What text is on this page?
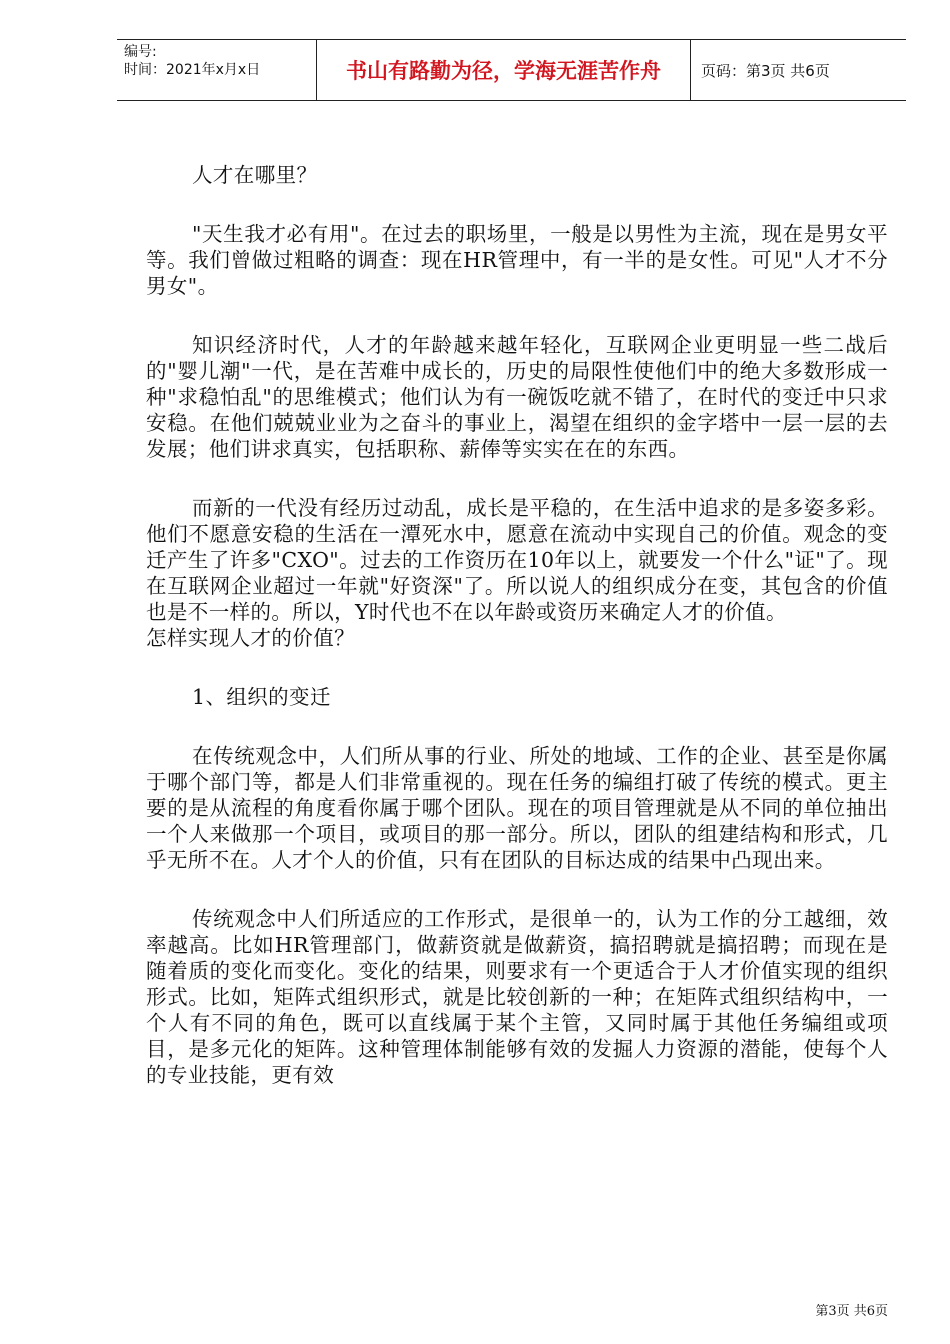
编号:
时间：2021年x月x日	书山有路勤为径，学海无涯苦作舟	页码：第3页 共6页

人才在哪里？

"天生我才必有用"。在过去的职场里，一般是以男性为主流，现在是男女平等。我们曾做过粗略的调查：现在HR管理中，有一半的是女性。可见"人才不分男女"。

知识经济时代，人才的年龄越来越年轻化，互联网企业更明显一些二战后的"婴儿潮"一代，是在苦难中成长的，历史的局限性使他们中的绝大多数形成一种"求稳怕乱"的思维模式；他们认为有一碗饭吃就不错了，在时代的变迁中只求安稳。在他们兢兢业业为之奋斗的事业上，渴望在组织的金字塔中一层一层的去发展；他们讲求真实，包括职称、薪俸等实实在在的东西。

而新的一代没有经历过动乱，成长是平稳的，在生活中追求的是多姿多彩。他们不愿意安稳的生活在一潭死水中，愿意在流动中实现自己的价值。观念的变迁产生了许多"CXO"。过去的工作资历在10年以上，就要发一个什么"证"了。现在互联网企业超过一年就"好资深"了。所以说人的组织成分在变，其包含的价值也是不一样的。所以，Y时代也不在以年龄或资历来确定人才的价值。

怎样实现人才的价值？

1、组织的变迁

在传统观念中，人们所从事的行业、所处的地域、工作的企业、甚至是你属于哪个部门等，都是人们非常重视的。现在任务的编组打破了传统的模式。更主要的是从流程的角度看你属于哪个团队。现在的项目管理就是从不同的单位抽出一个人来做那一个项目，或项目的那一部分。所以，团队的组建结构和形式，几乎无所不在。人才个人的价值，只有在团队的目标达成的结果中凸现出来。

传统观念中人们所适应的工作形式，是很单一的，认为工作的分工越细，效率越高。比如HR管理部门，做薪资就是做薪资，搞招聘就是搞招聘；而现在是随着质的变化而变化。变化的结果，则要求有一个更适合于人才价值实现的组织形式。比如，矩阵式组织形式，就是比较创新的一种；在矩阵式组织结构中，一个人有不同的角色，既可以直线属于某个主管，又同时属于其他任务编组或项目，是多元化的矩阵。这种管理体制能够有效的发掘人力资源的潜能，使每个人的专业技能，更有效

第3页 共6页
